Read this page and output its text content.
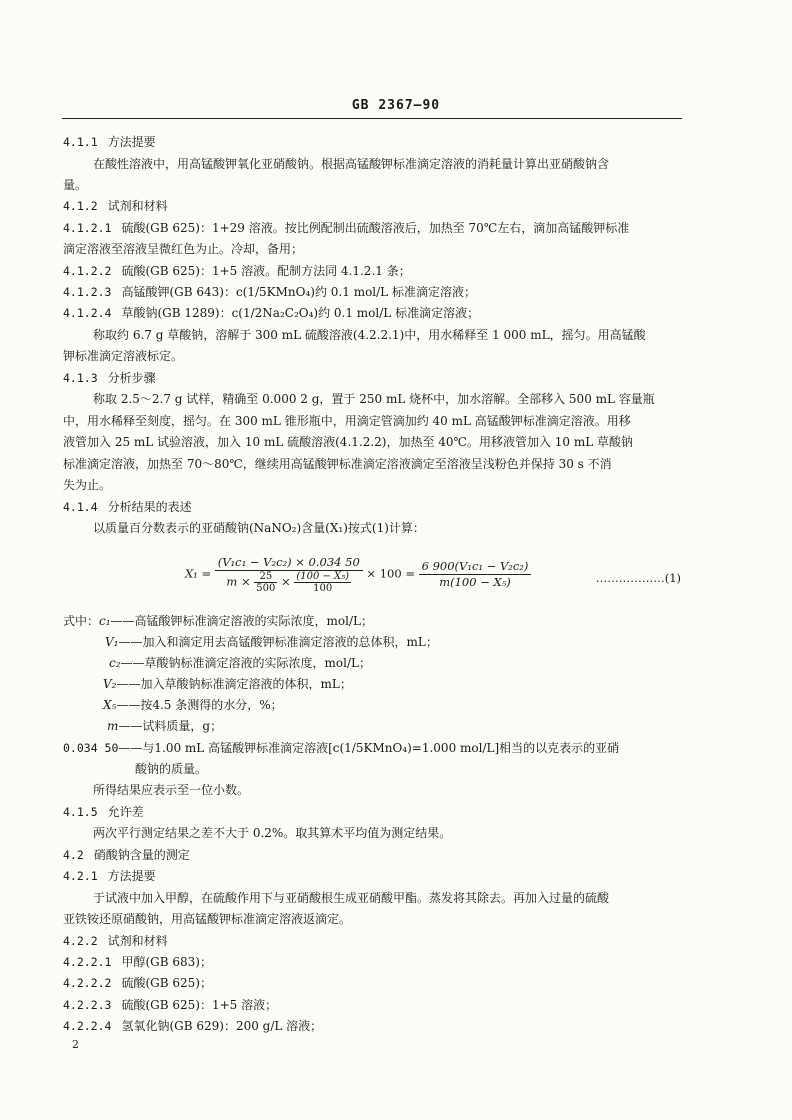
GB 2367—90
4.1.1 方法提要
在酸性溶液中，用高锰酸钾氧化亚硝酸钠。根据高锰酸钾标准滴定溶液的消耗量计算出亚硝酸钠含
量。
4.1.2 试剂和材料
4.1.2.1 硫酸(GB 625)：1+29 溶液。按比例配制出硫酸溶液后，加热至 70℃左右，滴加高锰酸钾标准
滴定溶液至溶液呈微红色为止。冷却，备用；
4.1.2.2 硫酸(GB 625)：1+5 溶液。配制方法同 4.1.2.1 条；
4.1.2.3 高锰酸钾(GB 643)：c(1/5KMnO₄)约 0.1 mol/L 标准滴定溶液；
4.1.2.4 草酸钠(GB 1289)：c(1/2Na₂C₂O₄)约 0.1 mol/L 标准滴定溶液；
称取约 6.7 g 草酸钠，溶解于 300 mL 硫酸溶液(4.2.2.1)中，用水稀释至 1 000 mL，摇匀。用高锰酸
钾标准滴定溶液标定。
4.1.3 分析步骤
称取 2.5～2.7 g 试样，精确至 0.000 2 g，置于 250 mL 烧杯中，加水溶解。全部移入 500 mL 容量瓶
中，用水稀释至刻度，摇匀。在 300 mL 锥形瓶中，用滴定管滴加约 40 mL 高锰酸钾标准滴定溶液。用移
液管加入 25 mL 试验溶液，加入 10 mL 硫酸溶液(4.1.2.2)，加热至 40℃。用移液管加入 10 mL 草酸钠
标准滴定溶液，加热至 70～80℃，继续用高锰酸钾标准滴定溶液滴定至溶液呈浅粉色并保持 30 s 不消
失为止。
4.1.4 分析结果的表述
以质量百分数表示的亚硝酸钠(NaNO₂)含量(X₁)按式(1)计算：
$X_1 = \frac{\text{(V₁c₁ − V₂c₂) × 0.034 50}}{m \times \frac{25}{500} \times \frac{\text{(100 − X₅)}}{100}} \times 100 = \frac{\text{6 900(V₁c₁ − V₂c₂)}}{\text{m(100 − X₅)}}$	………………(1)
式中：c₁——高锰酸钾标准滴定溶液的实际浓度，mol/L；
V₁——加入和滴定用去高锰酸钾标准滴定溶液的总体积，mL；
c₂——草酸钠标准滴定溶液的实际浓度，mol/L；
V₂——加入草酸钠标准滴定溶液的体积，mL；
X₅——按4.5 条测得的水分，%；
m——试料质量，g；
0.034 50——与1.00 mL 高锰酸钾标准滴定溶液[c(1/5KMnO₄)=1.000 mol/L]相当的以克表示的亚硝
酸钠的质量。
所得结果应表示至一位小数。
4.1.5 允许差
两次平行测定结果之差不大于 0.2%。取其算术平均值为测定结果。
4.2 硝酸钠含量的测定
4.2.1 方法提要
于试液中加入甲醇，在硫酸作用下与亚硝酸根生成亚硝酸甲酯。蒸发将其除去。再加入过量的硫酸
亚铁铵还原硝酸钠，用高锰酸钾标准滴定溶液返滴定。
4.2.2 试剂和材料
4.2.2.1 甲醇(GB 683)；
4.2.2.2 硫酸(GB 625)；
4.2.2.3 硫酸(GB 625)：1+5 溶液；
4.2.2.4 氢氧化钠(GB 629)：200 g/L 溶液；
2
